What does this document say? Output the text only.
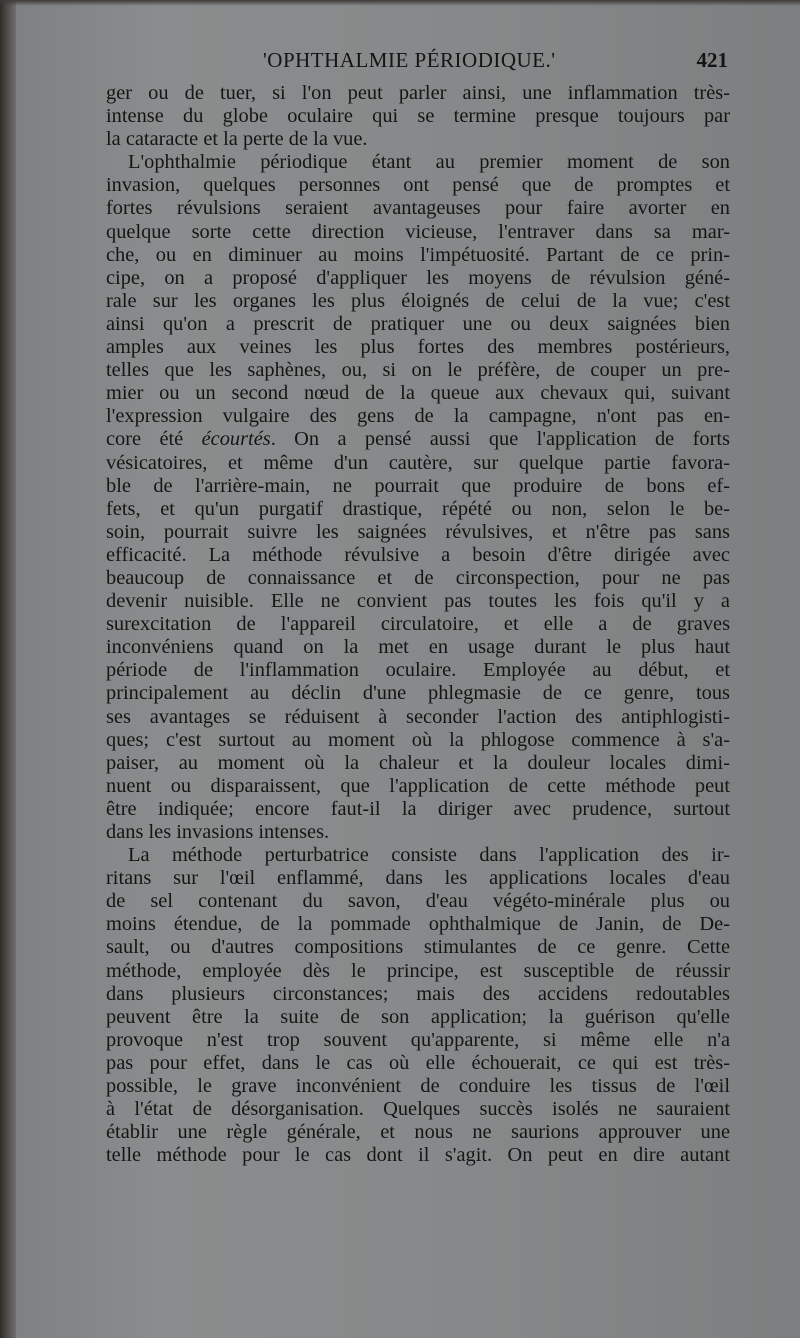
'OPHTHALMIE PÉRIODIQUE.'	421
ger ou de tuer, si l'on peut parler ainsi, une inflammation très-
intense du globe oculaire qui se termine presque toujours par
la cataracte et la perte de la vue.
L'ophthalmie périodique étant au premier moment de son
invasion, quelques personnes ont pensé que de promptes et
fortes révulsions seraient avantageuses pour faire avorter en
quelque sorte cette direction vicieuse, l'entraver dans sa mar-
che, ou en diminuer au moins l'impétuosité. Partant de ce prin-
cipe, on a proposé d'appliquer les moyens de révulsion géné-
rale sur les organes les plus éloignés de celui de la vue; c'est
ainsi qu'on a prescrit de pratiquer une ou deux saignées bien
amples aux veines les plus fortes des membres postérieurs,
telles que les saphènes, ou, si on le préfère, de couper un pre-
mier ou un second nœud de la queue aux chevaux qui, suivant
l'expression vulgaire des gens de la campagne, n'ont pas en-
core été écourtés. On a pensé aussi que l'application de forts
vésicatoires, et même d'un cautère, sur quelque partie favora-
ble de l'arrière-main, ne pourrait que produire de bons ef-
fets, et qu'un purgatif drastique, répété ou non, selon le be-
soin, pourrait suivre les saignées révulsives, et n'être pas sans
efficacité. La méthode révulsive a besoin d'être dirigée avec
beaucoup de connaissance et de circonspection, pour ne pas
devenir nuisible. Elle ne convient pas toutes les fois qu'il y a
surexcitation de l'appareil circulatoire, et elle a de graves
inconvéniens quand on la met en usage durant le plus haut
période de l'inflammation oculaire. Employée au début, et
principalement au déclin d'une phlegmasie de ce genre, tous
ses avantages se réduisent à seconder l'action des antiphlogisti-
ques; c'est surtout au moment où la phlogose commence à s'a-
paiser, au moment où la chaleur et la douleur locales dimi-
nuent ou disparaissent, que l'application de cette méthode peut
être indiquée; encore faut-il la diriger avec prudence, surtout
dans les invasions intenses.
La méthode perturbatrice consiste dans l'application des ir-
ritans sur l'œil enflammé, dans les applications locales d'eau
de sel contenant du savon, d'eau végéto-minérale plus ou
moins étendue, de la pommade ophthalmique de Janin, de De-
sault, ou d'autres compositions stimulantes de ce genre. Cette
méthode, employée dès le principe, est susceptible de réussir
dans plusieurs circonstances; mais des accidens redoutables
peuvent être la suite de son application; la guérison qu'elle
provoque n'est trop souvent qu'apparente, si même elle n'a
pas pour effet, dans le cas où elle échouerait, ce qui est très-
possible, le grave inconvénient de conduire les tissus de l'œil
à l'état de désorganisation. Quelques succès isolés ne sauraient
établir une règle générale, et nous ne saurions approuver une
telle méthode pour le cas dont il s'agit. On peut en dire autant
